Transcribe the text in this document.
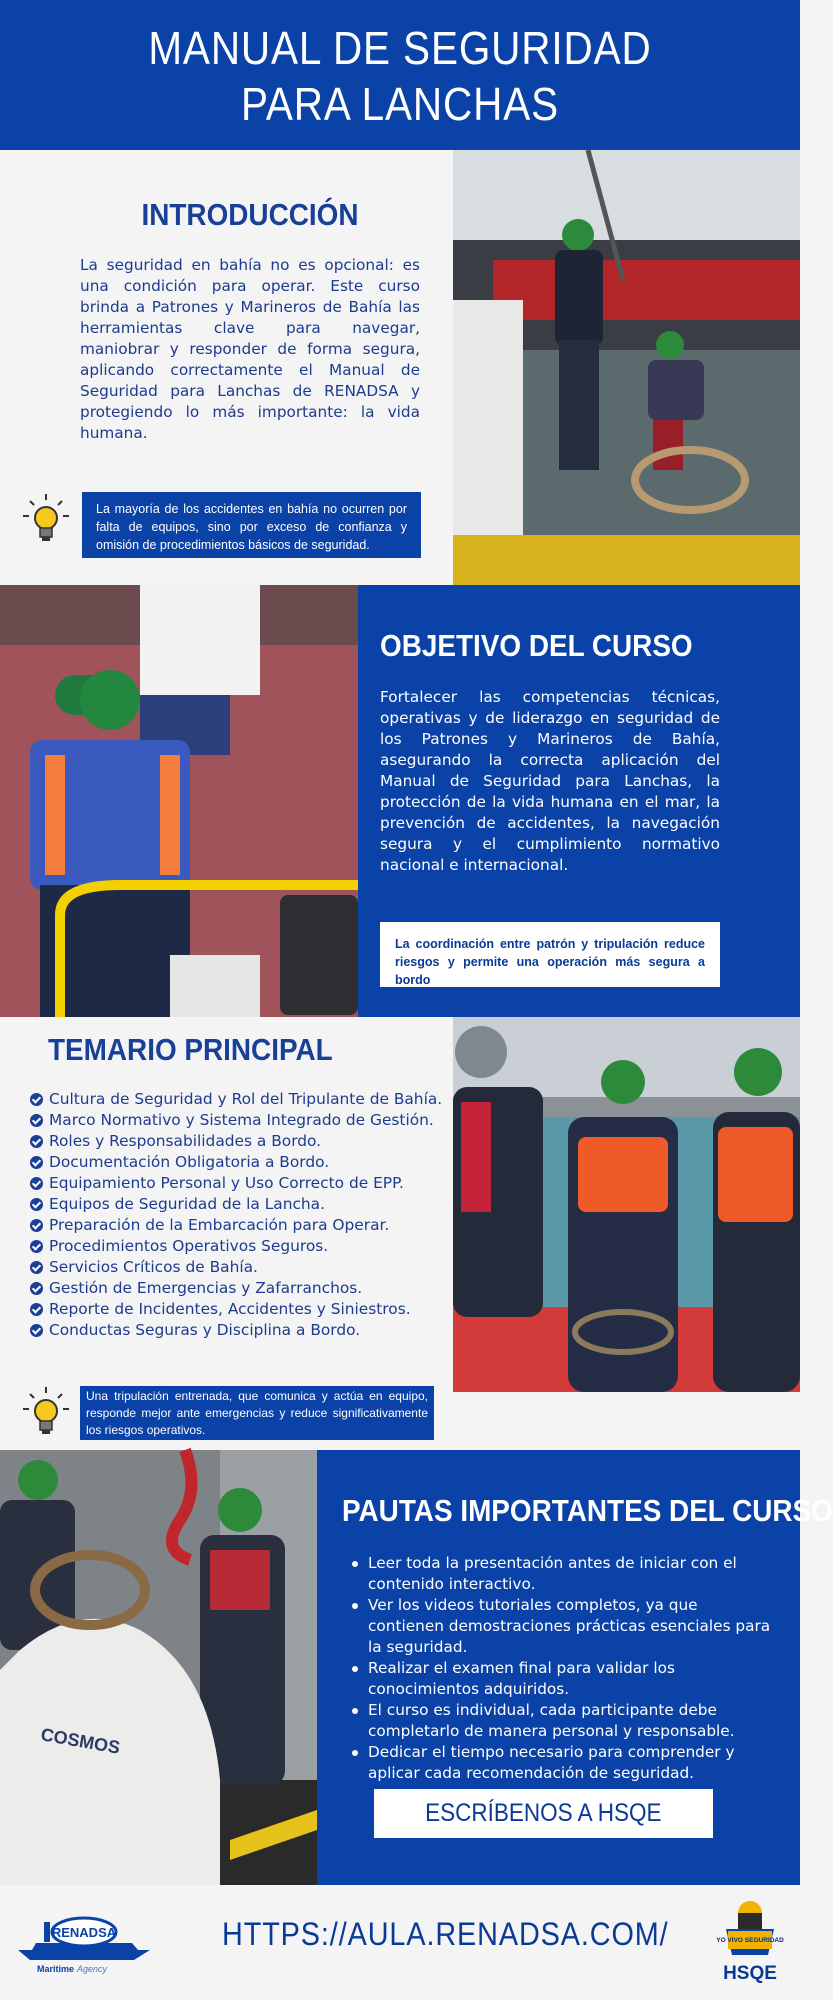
MANUAL DE SEGURIDAD
PARA LANCHAS
INTRODUCCIÓN

La seguridad en bahía no es opcional: es una condición para operar. Este curso brinda a Patrones y Marineros de Bahía las herramientas clave para navegar, maniobrar y responder de forma segura, aplicando correctamente el Manual de Seguridad para Lanchas de RENADSA y protegiendo lo más importante: la vida humana.

La mayoría de los accidentes en bahía no ocurren por falta de equipos, sino por exceso de confianza y omisión de procedimientos básicos de seguridad.
OBJETIVO DEL CURSO

Fortalecer las competencias técnicas, operativas y de liderazgo en seguridad de los Patrones y Marineros de Bahía, asegurando la correcta aplicación del Manual de Seguridad para Lanchas, la protección de la vida humana en el mar, la prevención de accidentes, la navegación segura y el cumplimiento normativo nacional e internacional.

La coordinación entre patrón y tripulación reduce riesgos y permite una operación más segura a bordo
TEMARIO PRINCIPAL
Cultura de Seguridad y Rol del Tripulante de Bahía.
Marco Normativo y Sistema Integrado de Gestión.
Roles y Responsabilidades a Bordo.
Documentación Obligatoria a Bordo.
Equipamiento Personal y Uso Correcto de EPP.
Equipos de Seguridad de la Lancha.
Preparación de la Embarcación para Operar.
Procedimientos Operativos Seguros.
Servicios Críticos de Bahía.
Gestión de Emergencias y Zafarranchos.
Reporte de Incidentes, Accidentes y Siniestros.
Conductas Seguras y Disciplina a Bordo.
Una tripulación entrenada, que comunica y actúa en equipo, responde mejor ante emergencias y reduce significativamente los riesgos operativos.
COSMOS
PAUTAS IMPORTANTES DEL CURSO
Leer toda la presentación antes de iniciar con el contenido interactivo.
Ver los videos tutoriales completos, ya que contienen demostraciones prácticas esenciales para la seguridad.
Realizar el examen final para validar los conocimientos adquiridos.
El curso es individual, cada participante debe completarlo de manera personal y responsable.
Dedicar el tiempo necesario para comprender y aplicar cada recomendación de seguridad.
ESCRÍBENOS A HSQE
RENADSA
Maritime Agency
HTTPS://AULA.RENADSA.COM/	YO VIVO SEGURIDAD
HSQE
